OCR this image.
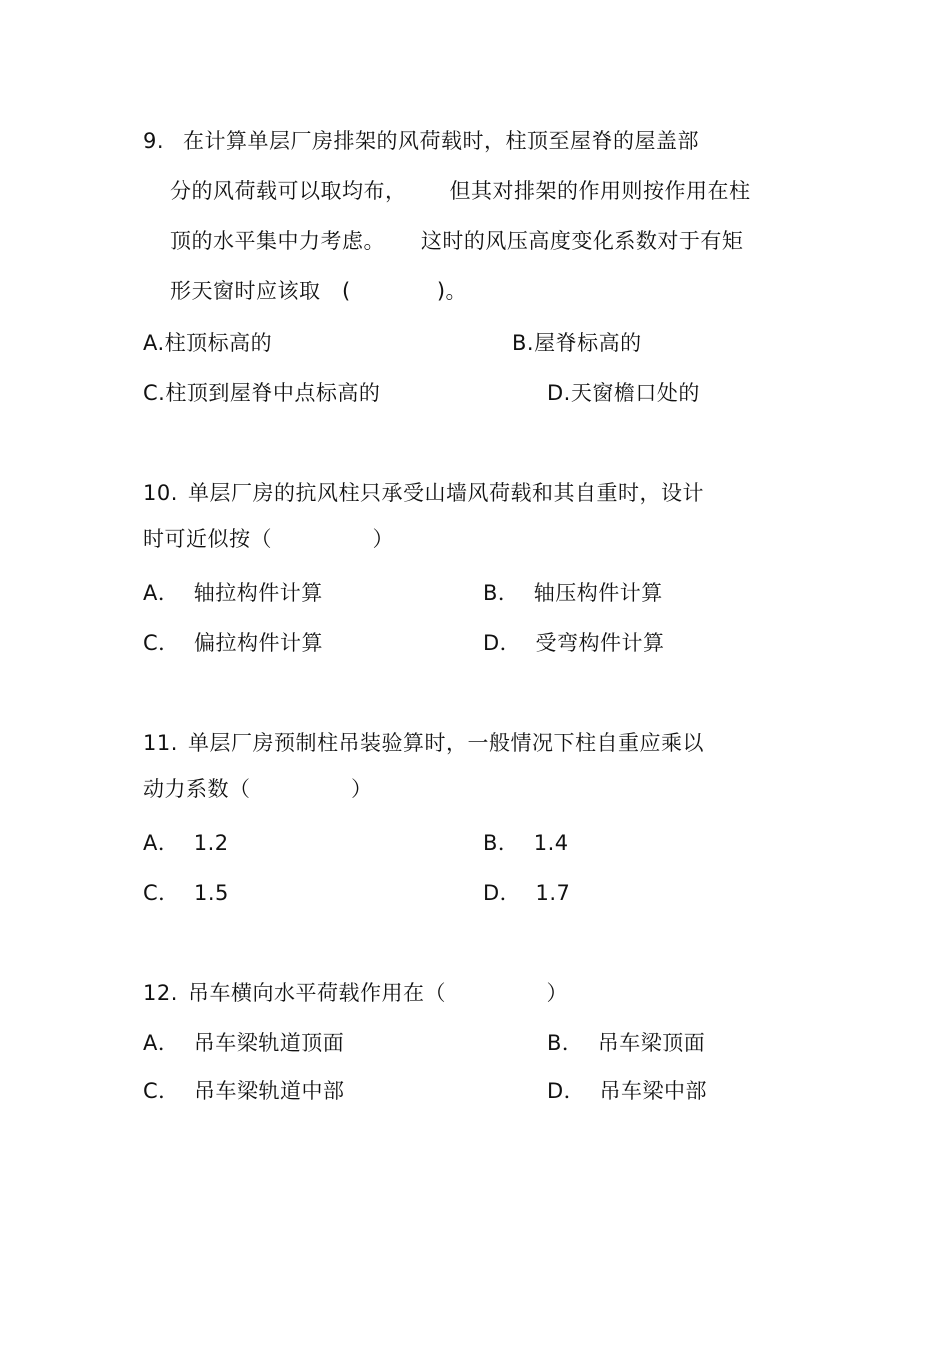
9. 在计算单层厂房排架的风荷载时，柱顶至屋脊的屋盖部
分的风荷载可以取均布，      但其对排架的作用则按作用在柱
顶的水平集中力考虑。     这时的风压高度变化系数对于有矩
形天窗时应该取   (            )。
A.柱顶标高的	B.屋脊标高的
C.柱顶到屋脊中点标高的	D.天窗檐口处的
10. 单层厂房的抗风柱只承受山墙风荷载和其自重时，设计
时可近似按（              ）
A．  轴拉构件计算	B．  轴压构件计算
C．  偏拉构件计算	D．  受弯构件计算
11. 单层厂房预制柱吊装验算时，一般情况下柱自重应乘以
动力系数（              ）
A．  1.2	B．  1.4
C．  1.5	D．  1.7
12. 吊车横向水平荷载作用在（              ）
A．  吊车梁轨道顶面	B．  吊车梁顶面
C．  吊车梁轨道中部	D．  吊车梁中部
